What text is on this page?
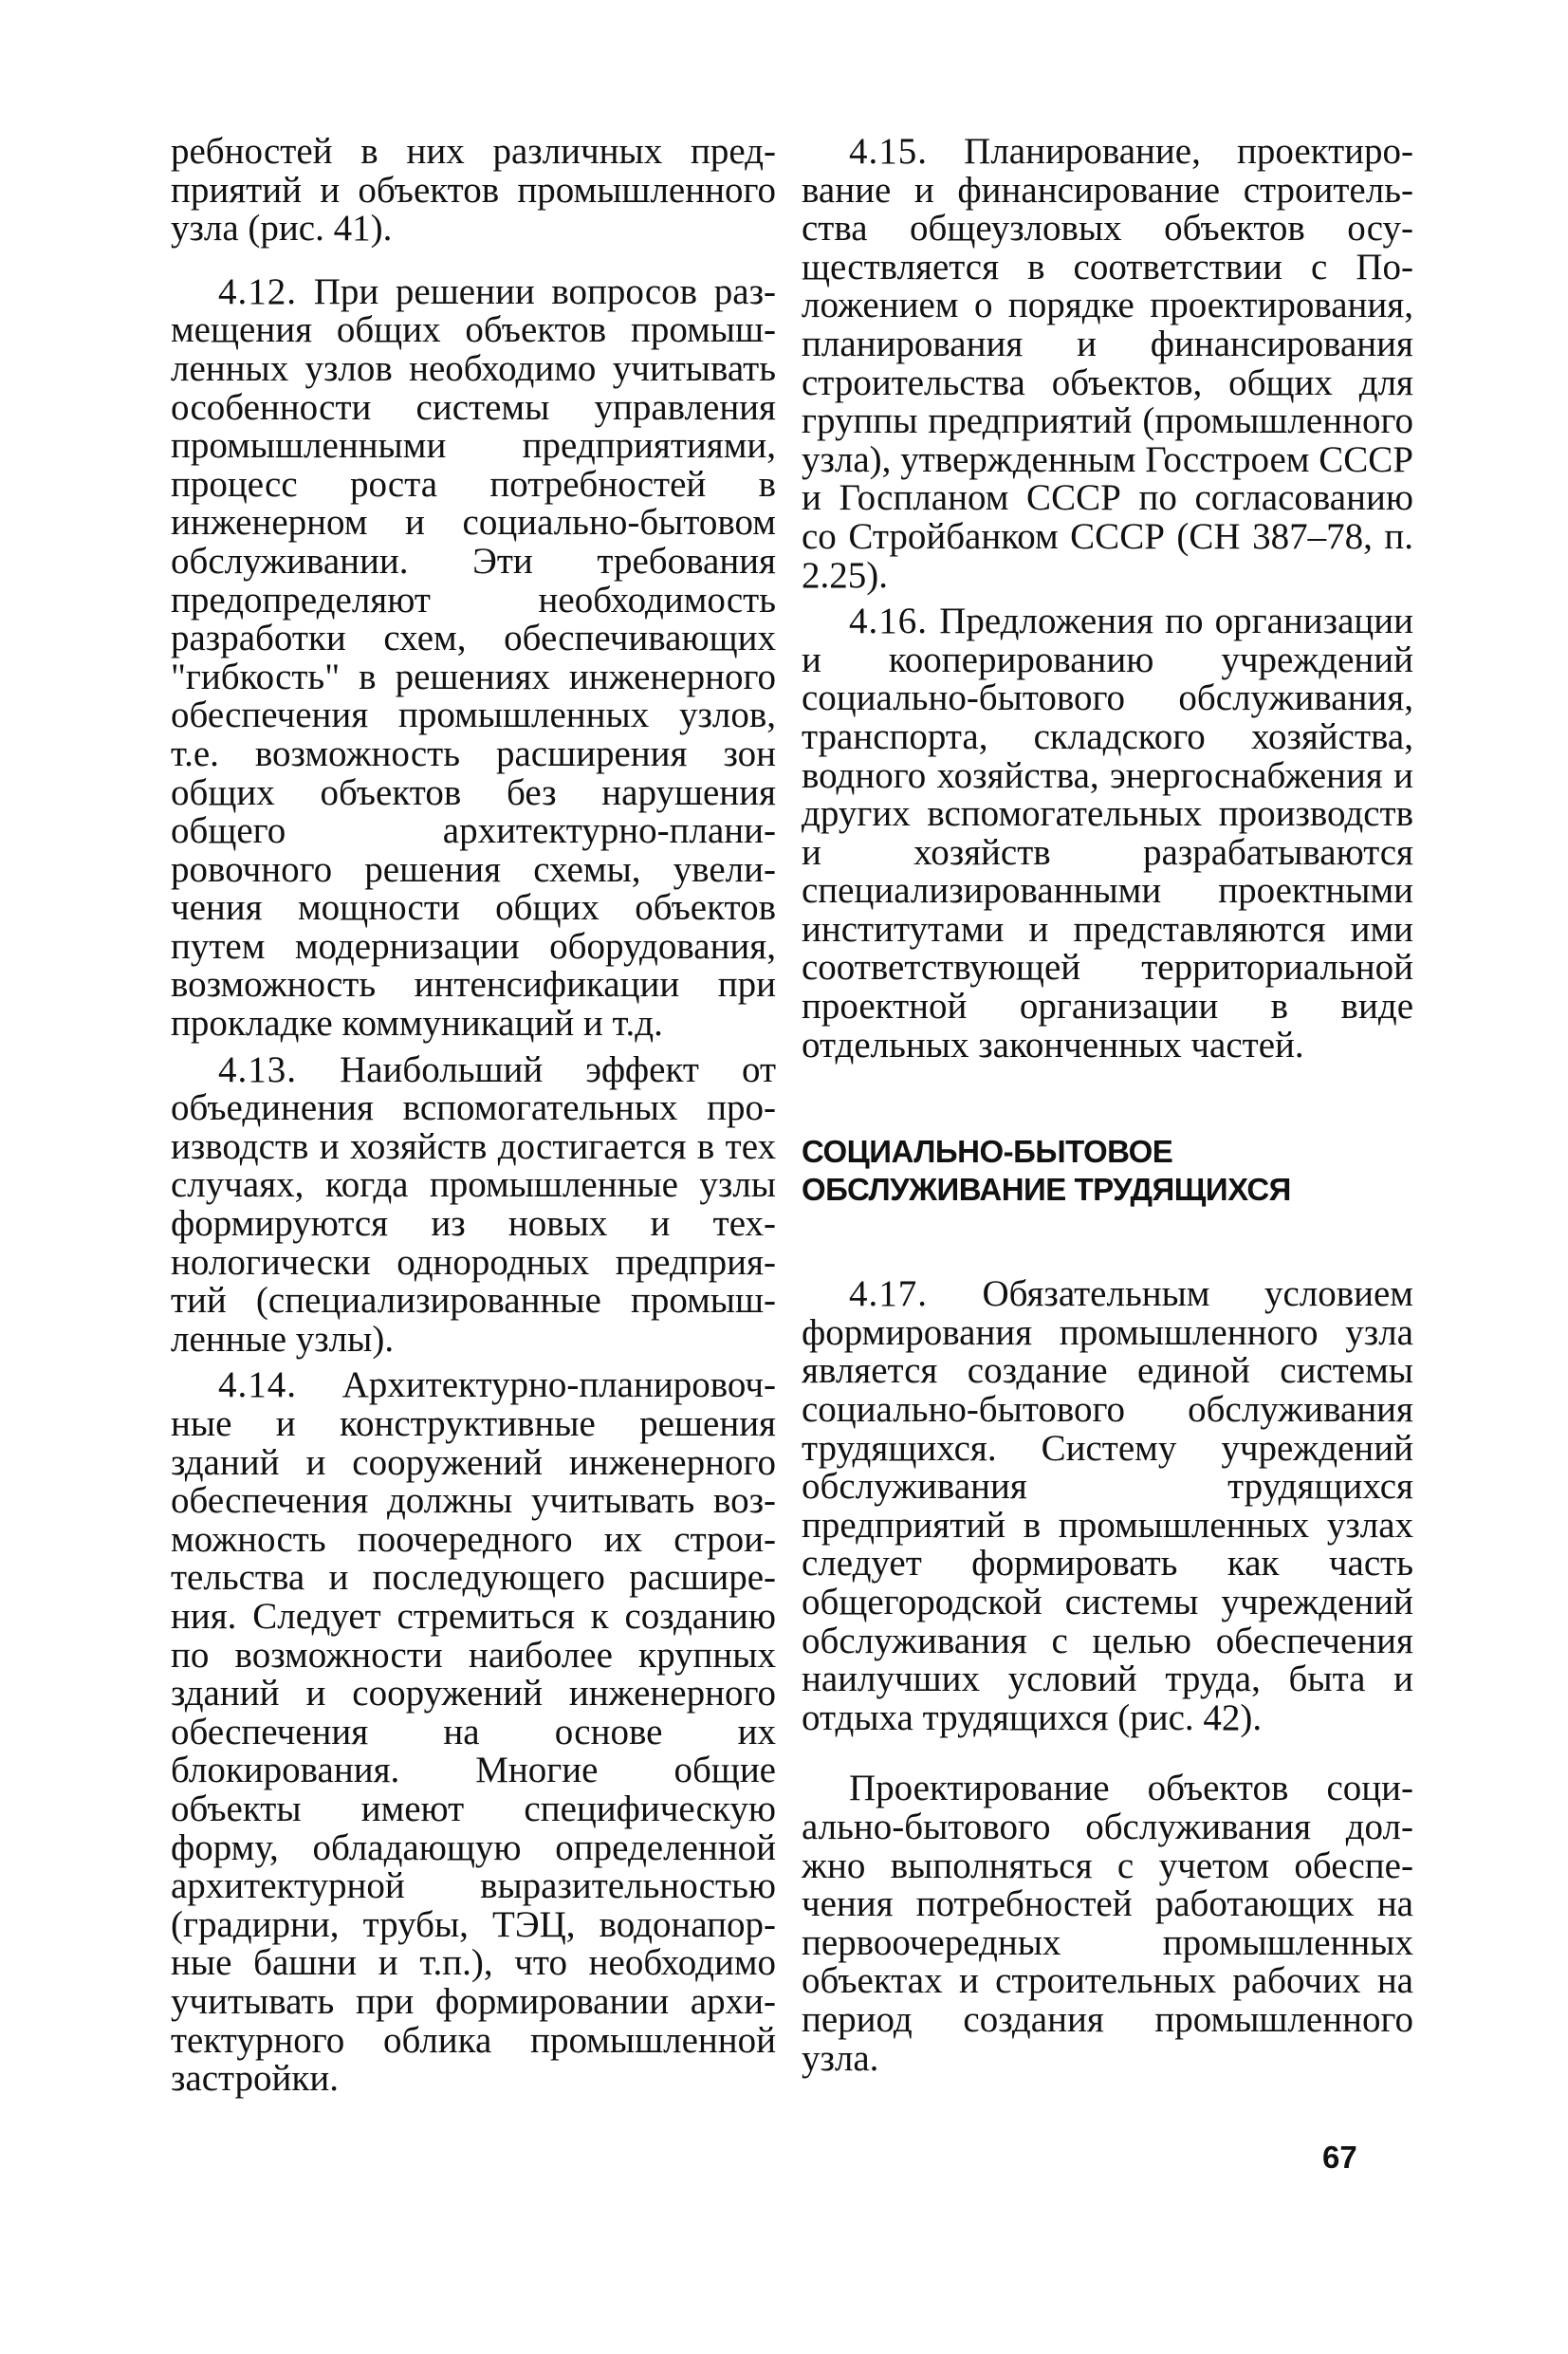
ребностей в них различных предприятий и объектов промышленного узла (рис. 41).

4.12. При решении вопросов размещения общих объектов промышленных узлов необходимо учитывать особенности системы управления промышленными предприятиями, процесс роста потребностей в инженерном и социально-бытовом обслуживании. Эти требования предопределяют необходимость разработки схем, обеспечивающих "гибкость" в решениях инженерного обеспечения промышленных узлов, т.е. возможность расширения зон общих объектов без нарушения общего архитектурно-планировочного решения схемы, увеличения мощности общих объектов путем модернизации оборудования, возможность интенсификации при прокладке коммуникаций и т.д.

4.13. Наибольший эффект от объединения вспомогательных производств и хозяйств достигается в тех случаях, когда промышленные узлы формируются из новых и технологически однородных предприятий (специализированные промышленные узлы).

4.14. Архитектурно-планировочные и конструктивные решения зданий и сооружений инженерного обеспечения должны учитывать возможность поочередного их строительства и последующего расширения. Следует стремиться к созданию по возможности наиболее крупных зданий и сооружений инженерного обеспечения на основе их блокирования. Многие общие объекты имеют специфическую форму, обладающую определенной архитектурной выразительностью (градирни, трубы, ТЭЦ, водонапорные башни и т.п.), что необходимо учитывать при формировании архитектурного облика промышленной застройки.

4.15. Планирование, проектирование и финансирование строительства общеузловых объектов осуществляется в соответствии с Положением о порядке проектирования, планирования и финансирования строительства объектов, общих для группы предприятий (промышленного узла), утвержденным Госстроем СССР и Госпланом СССР по согласованию со Стройбанком СССР (СН 387–78, п. 2.25).

4.16. Предложения по организации и кооперированию учреждений социально-бытового обслуживания, транспорта, складского хозяйства, водного хозяйства, энергоснабжения и других вспомогательных производств и хозяйств разрабатываются специализированными проектными институтами и представляются ими соответствующей территориальной проектной организации в виде отдельных законченных частей.

СОЦИАЛЬНО-БЫТОВОЕ

ОБСЛУЖИВАНИЕ ТРУДЯЩИХСЯ

4.17. Обязательным условием формирования промышленного узла является создание единой системы социально-бытового обслуживания трудящихся. Систему учреждений обслуживания трудящихся предприятий в промышленных узлах следует формировать как часть общегородской системы учреждений обслуживания с целью обеспечения наилучших условий труда, быта и отдыха трудящихся (рис. 42).

Проектирование объектов социально-бытового обслуживания должно выполняться с учетом обеспечения потребностей работающих на первоочередных промышленных объектах и строительных рабочих на период создания промышленного узла.

67
